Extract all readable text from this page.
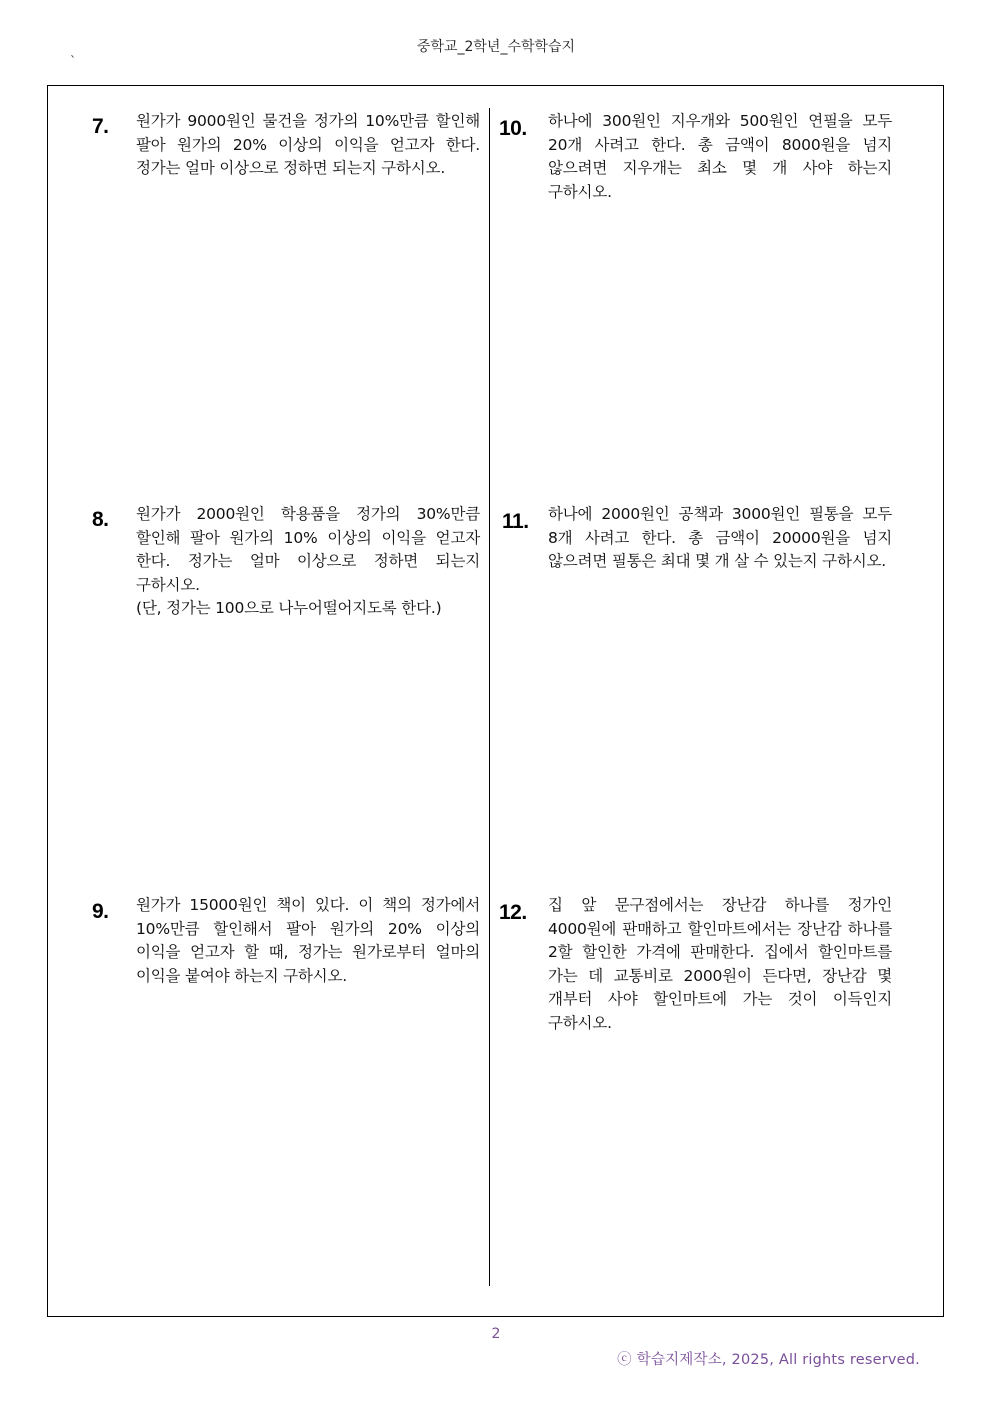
중학교_2학년_수학학습지
`
7. 원가가 9000원인 물건을 정가의 10%만큼 할인해 팔아 원가의 20% 이상의 이익을 얻고자 한다. 정가는 얼마 이상으로 정하면 되는지 구하시오.
10. 하나에 300원인 지우개와 500원인 연필을 모두 20개 사려고 한다. 총 금액이 8000원을 넘지 않으려면 지우개는 최소 몇 개 사야 하는지 구하시오.
8. 원가가 2000원인 학용품을 정가의 30%만큼 할인해 팔아 원가의 10% 이상의 이익을 얻고자 한다. 정가는 얼마 이상으로 정하면 되는지 구하시오.
(단, 정가는 100으로 나누어떨어지도록 한다.)
11. 하나에 2000원인 공책과 3000원인 필통을 모두 8개 사려고 한다. 총 금액이 20000원을 넘지 않으려면 필통은 최대 몇 개 살 수 있는지 구하시오.
9. 원가가 15000원인 책이 있다. 이 책의 정가에서 10%만큼 할인해서 팔아 원가의 20% 이상의 이익을 얻고자 할 때, 정가는 원가로부터 얼마의 이익을 붙여야 하는지 구하시오.
12. 집 앞 문구점에서는 장난감 하나를 정가인 4000원에 판매하고 할인마트에서는 장난감 하나를 2할 할인한 가격에 판매한다. 집에서 할인마트를 가는 데 교통비로 2000원이 든다면, 장난감 몇 개부터 사야 할인마트에 가는 것이 이득인지 구하시오.
2
ⓒ 학습지제작소, 2025, All rights reserved.
